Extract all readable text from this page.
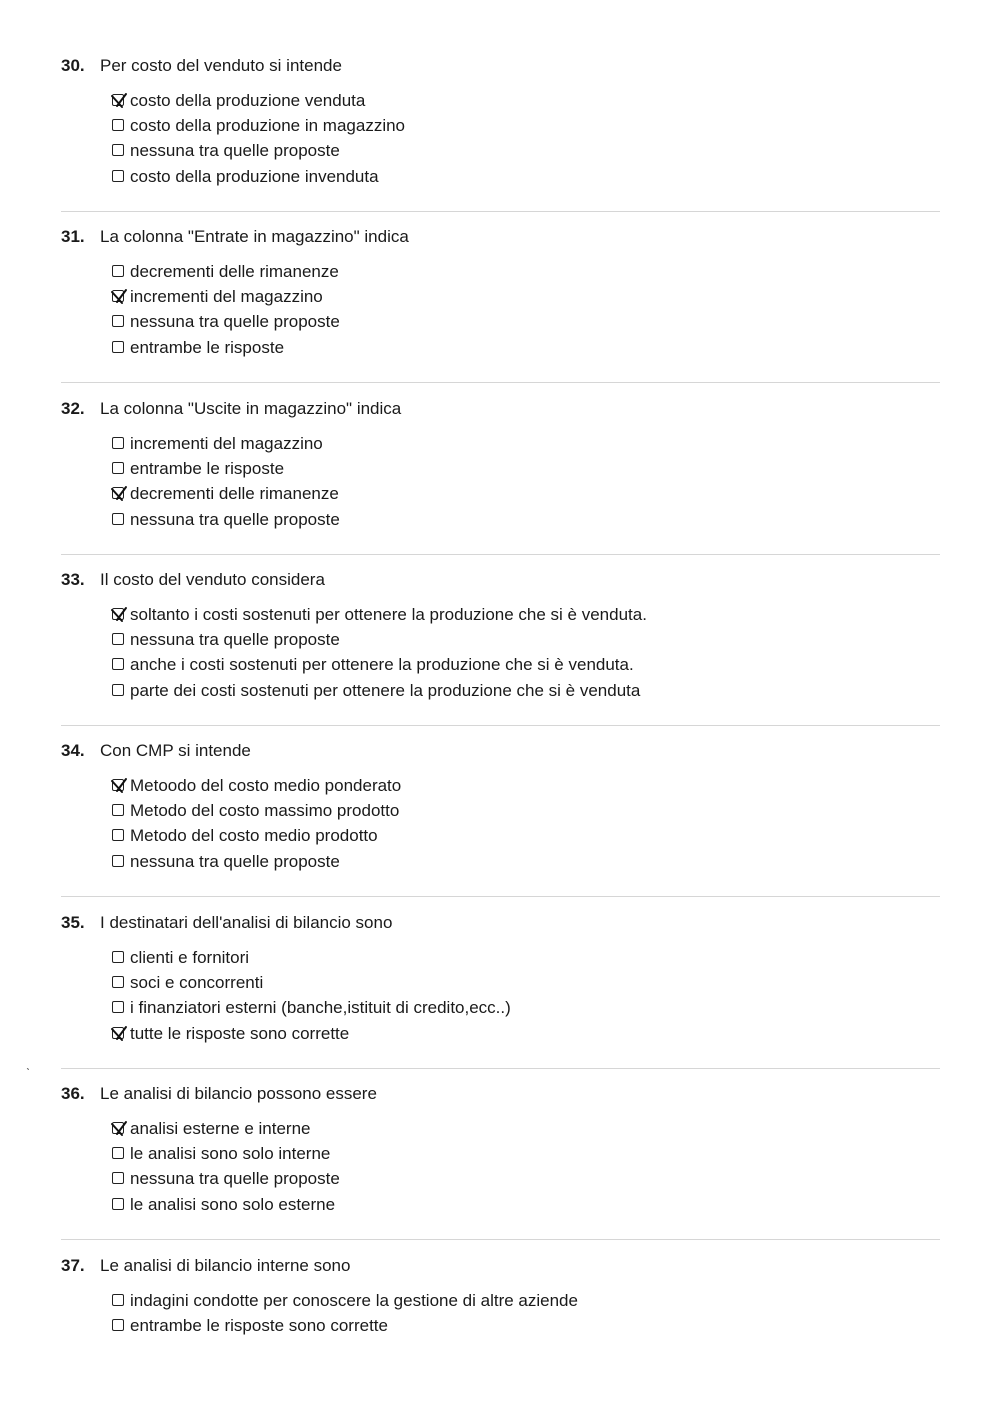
30. Per costo del venduto si intende
costo della produzione venduta
costo della produzione in magazzino
nessuna tra quelle proposte
costo della produzione invenduta
31. La colonna "Entrate in magazzino" indica
decrementi delle rimanenze
incrementi del magazzino
nessuna tra quelle proposte
entrambe le risposte
32. La colonna "Uscite in magazzino" indica
incrementi del magazzino
entrambe le risposte
decrementi delle rimanenze
nessuna tra quelle proposte
33. Il costo del venduto considera
soltanto i costi sostenuti per ottenere la produzione che si è venduta.
nessuna tra quelle proposte
anche i costi sostenuti per ottenere la produzione che si è venduta.
parte dei costi sostenuti per ottenere la produzione che si è venduta
34. Con CMP si intende
Metoodo del costo medio ponderato
Metodo del costo massimo prodotto
Metodo del costo medio prodotto
nessuna tra quelle proposte
35. I destinatari dell'analisi di bilancio sono
clienti e fornitori
soci e concorrenti
i finanziatori esterni (banche,istituit di credito,ecc..)
tutte le risposte sono corrette
36. Le analisi di bilancio possono essere
analisi esterne e interne
le analisi sono solo interne
nessuna tra quelle proposte
le analisi sono solo esterne
37. Le analisi di bilancio interne sono
indagini condotte per conoscere la gestione di altre aziende
entrambe le risposte sono corrette
ˋ
